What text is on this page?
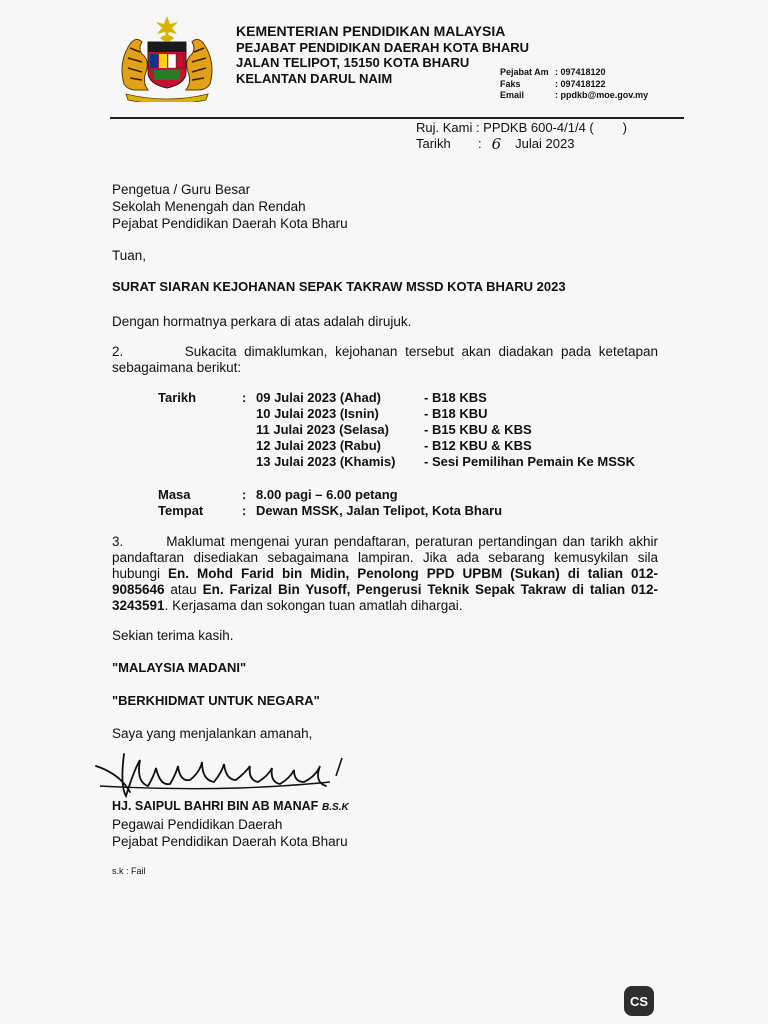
KEMENTERIAN PENDIDIKAN MALAYSIA
PEJABAT PENDIDIKAN DAERAH KOTA BHARU
JALAN TELIPOT, 15150 KOTA BHARU
KELANTAN DARUL NAIM	Pejabat Am : 097418120
Faks	: 097418122
Email	: ppdkb@moe.gov.my
Ruj. Kami : PPDKB 600-4/1/4 (        )
Tarikh	: 6 Julai 2023
Pengetua / Guru Besar
Sekolah Menengah dan Rendah
Pejabat Pendidikan Daerah Kota Bharu
Tuan,
SURAT SIARAN KEJOHANAN SEPAK TAKRAW MSSD KOTA BHARU 2023
Dengan hormatnya perkara di atas adalah dirujuk.
2.        Sukacita dimaklumkan, kejohanan tersebut akan diadakan pada ketetapan sebagaimana berikut:
Tarikh	: 09 Julai 2023 (Ahad)	- B18 KBS
10 Julai 2023 (Isnin)	- B18 KBU
11 Julai 2023 (Selasa)	- B15 KBU & KBS
12 Julai 2023 (Rabu)	- B12 KBU & KBS
13 Julai 2023 (Khamis)	- Sesi Pemilihan Pemain Ke MSSK
Masa	: 8.00 pagi – 6.00 petang
Tempat	: Dewan MSSK, Jalan Telipot, Kota Bharu
3.        Maklumat mengenai yuran pendaftaran, peraturan pertandingan dan tarikh akhir pandaftaran disediakan sebagaimana lampiran. Jika ada sebarang kemusykilan sila hubungi En. Mohd Farid bin Midin, Penolong PPD UPBM (Sukan) di talian 012-9085646 atau En. Farizal Bin Yusoff, Pengerusi Teknik Sepak Takraw di talian 012-3243591. Kerjasama dan sokongan tuan amatlah dihargai.
Sekian terima kasih.
"MALAYSIA MADANI"
"BERKHIDMAT UNTUK NEGARA"
Saya yang menjalankan amanah,
HJ. SAIPUL BAHRI BIN AB MANAF B.S.K
Pegawai Pendidikan Daerah
Pejabat Pendidikan Daerah Kota Bharu
s.k : Fail
CS
